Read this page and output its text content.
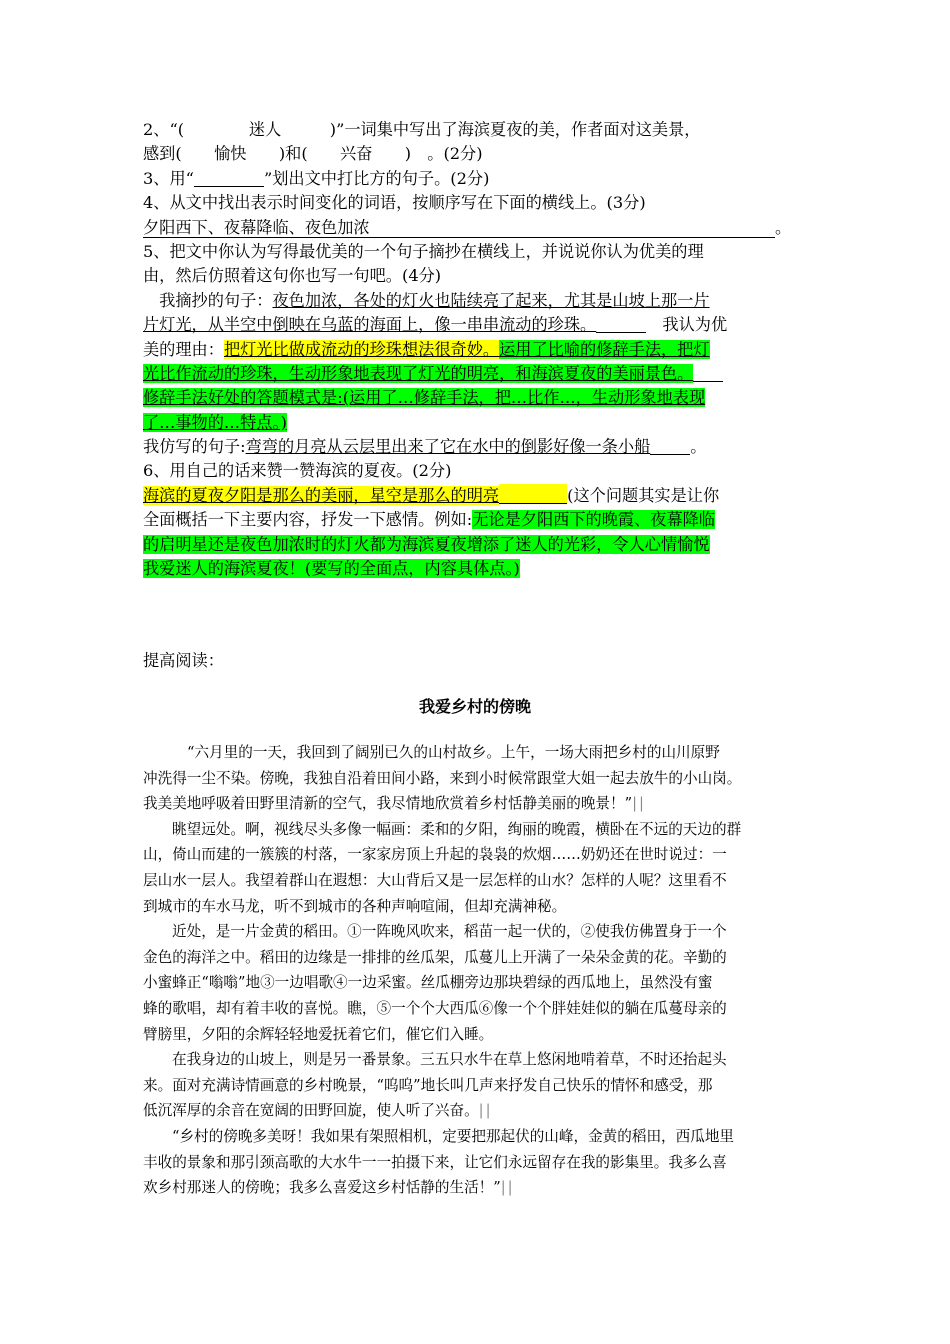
2、“(　　　　迷人　　　)”一词集中写出了海滨夏夜的美，作者面对这美景，
感到(　　愉快　　)和(　　兴奋　　)　。(2分)
3、用“	”划出文中打比方的句子。(2分)
4、从文中找出表示时间变化的词语，按顺序写在下面的横线上。(3分)
夕阳西下、夜幕降临、夜色加浓	。
5、把文中你认为写得最优美的一个句子摘抄在横线上，并说说你认为优美的理
由，然后仿照着这句你也写一句吧。(4分)
　我摘抄的句子：夜色加浓，各处的灯火也陆续亮了起来，尤其是山坡上那一片
片灯光，从半空中倒映在乌蓝的海面上，像一串串流动的珍珠。	　我认为优
美的理由：把灯光比做成流动的珍珠想法很奇妙。运用了比喻的修辞手法，把灯
光比作流动的珍珠，生动形象地表现了灯光的明亮，和海滨夏夜的美丽景色。
修辞手法好处的答题模式是:(运用了…修辞手法，把…比作…，生动形象地表现
了…事物的…特点。)
我仿写的句子:弯弯的月亮从云层里出来了它在水中的倒影好像一条小船 。
6、用自己的话来赞一赞海滨的夏夜。(2分)
海滨的夏夜夕阳是那么的美丽，星空是那么的明亮	(这个问题其实是让你
全面概括一下主要内容，抒发一下感情。例如:无论是夕阳西下的晚霞、夜幕降临
的启明星还是夜色加浓时的灯火都为海滨夏夜增添了迷人的光彩，令人心情愉悦
我爱迷人的海滨夏夜！(要写的全面点，内容具体点。)
提高阅读：
我爱乡村的傍晚
“六月里的一天，我回到了阔别已久的山村故乡。上午，一场大雨把乡村的山川原野
冲洗得一尘不染。傍晚，我独自沿着田间小路，来到小时候常跟堂大姐一起去放牛的小山岗。
我美美地呼吸着田野里清新的空气，我尽情地欣赏着乡村恬静美丽的晚景！”||
眺望远处。啊，视线尽头多像一幅画：柔和的夕阳，绚丽的晚霞，横卧在不远的天边的群
山，倚山而建的一簇簇的村落，一家家房顶上升起的袅袅的炊烟……奶奶还在世时说过：一
层山水一层人。我望着群山在遐想：大山背后又是一层怎样的山水？怎样的人呢？这里看不
到城市的车水马龙，听不到城市的各种声响喧闹，但却充满神秘。
近处，是一片金黄的稻田。①一阵晚风吹来，稻苗一起一伏的，②使我仿佛置身于一个
金色的海洋之中。稻田的边缘是一排排的丝瓜架，瓜蔓儿上开满了一朵朵金黄的花。辛勤的
小蜜蜂正“嗡嗡”地③一边唱歌④一边采蜜。丝瓜棚旁边那块碧绿的西瓜地上，虽然没有蜜
蜂的歌唱，却有着丰收的喜悦。瞧，⑤一个个大西瓜⑥像一个个胖娃娃似的躺在瓜蔓母亲的
臂膀里，夕阳的余辉轻轻地爱抚着它们，催它们入睡。
在我身边的山坡上，则是另一番景象。三五只水牛在草上悠闲地啃着草，不时还抬起头
来。面对充满诗情画意的乡村晚景，“呜呜”地长叫几声来抒发自己快乐的情怀和感受，那
低沉浑厚的余音在宽阔的田野回旋，使人听了兴奋。||
“乡村的傍晚多美呀！我如果有架照相机，定要把那起伏的山峰，金黄的稻田，西瓜地里
丰收的景象和那引颈高歌的大水牛一一拍摄下来，让它们永远留存在我的影集里。我多么喜
欢乡村那迷人的傍晚；我多么喜爱这乡村恬静的生活！”||
